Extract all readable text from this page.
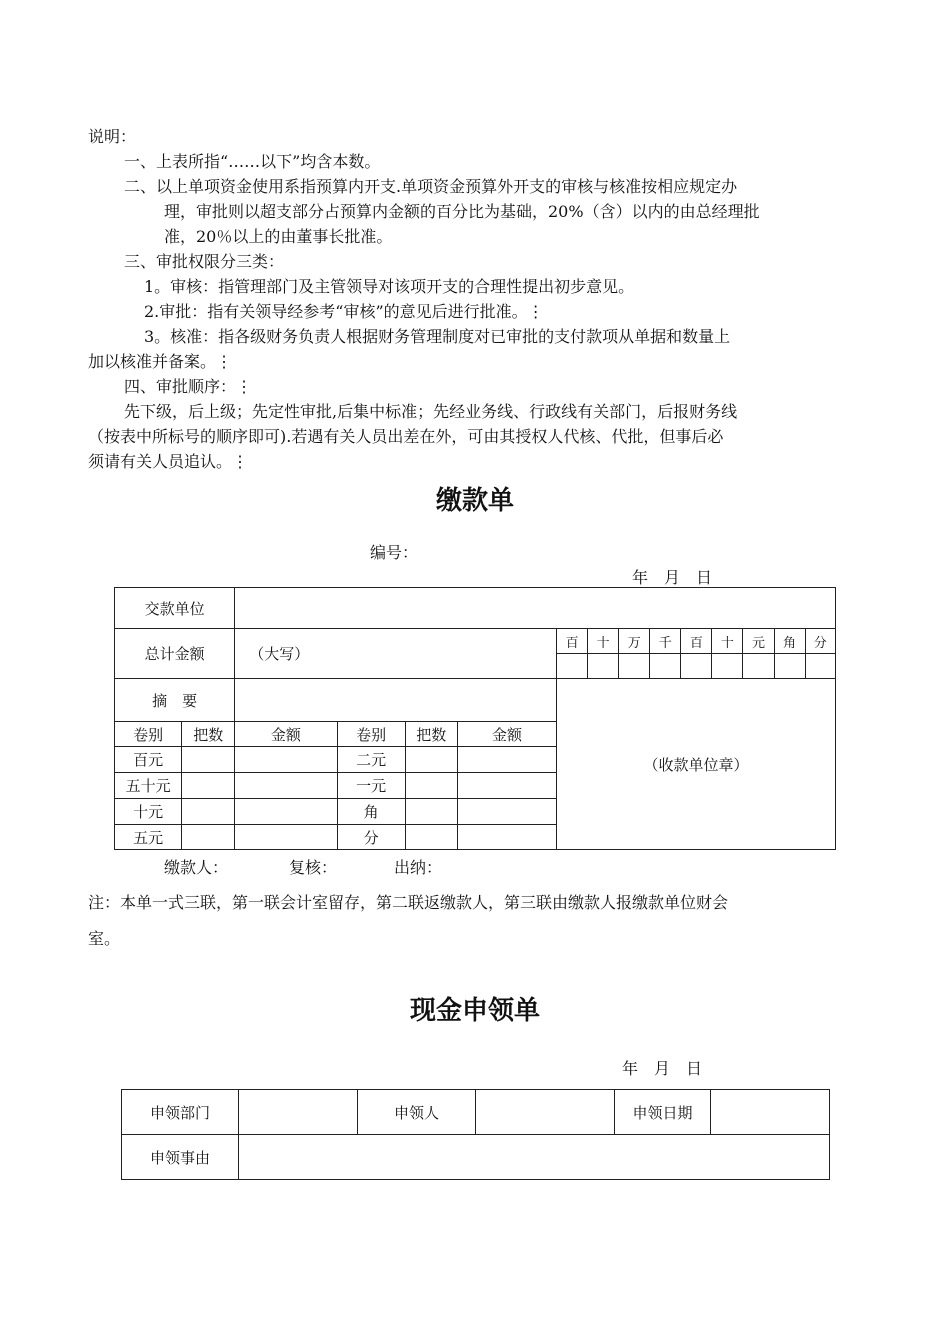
说明：

一、上表所指“……以下”均含本数。

二、以上单项资金使用系指预算内开支.单项资金预算外开支的审核与核准按相应规定办

理，审批则以超支部分占预算内金额的百分比为基础，20%（含）以内的由总经理批

准，20％以上的由董事长批准。

三、审批权限分三类：

1。审核：指管理部门及主管领导对该项开支的合理性提出初步意见。

2.审批：指有关领导经参考“审核”的意见后进行批准。⋮

3。核准：指各级财务负责人根据财务管理制度对已审批的支付款项从单据和数量上

加以核准并备案。⋮

四、审批顺序：⋮

先下级，后上级；先定性审批,后集中标准；先经业务线、行政线有关部门，后报财务线

（按表中所标号的顺序即可).若遇有关人员出差在外，可由其授权人代核、代批，但事后必

须请有关人员追认。⋮

缴款单
编号：
年　月　日
交款单位														
总计金额		（大写）				百	十	万	千	百	十	元	角	分

摘　要						（收款单位章）								
卷别	把数	金额	卷别	把数	金额									
百元			二元											
五十元			一元											
十元			角											
五元			分											
缴款人：	复核：	出纳：
注：本单一式三联，第一联会计室留存，第二联返缴款人，第三联由缴款人报缴款单位财会
室。
现金申领单
年　月　日
申领部门		申领人		申领日期	
申领事由					
